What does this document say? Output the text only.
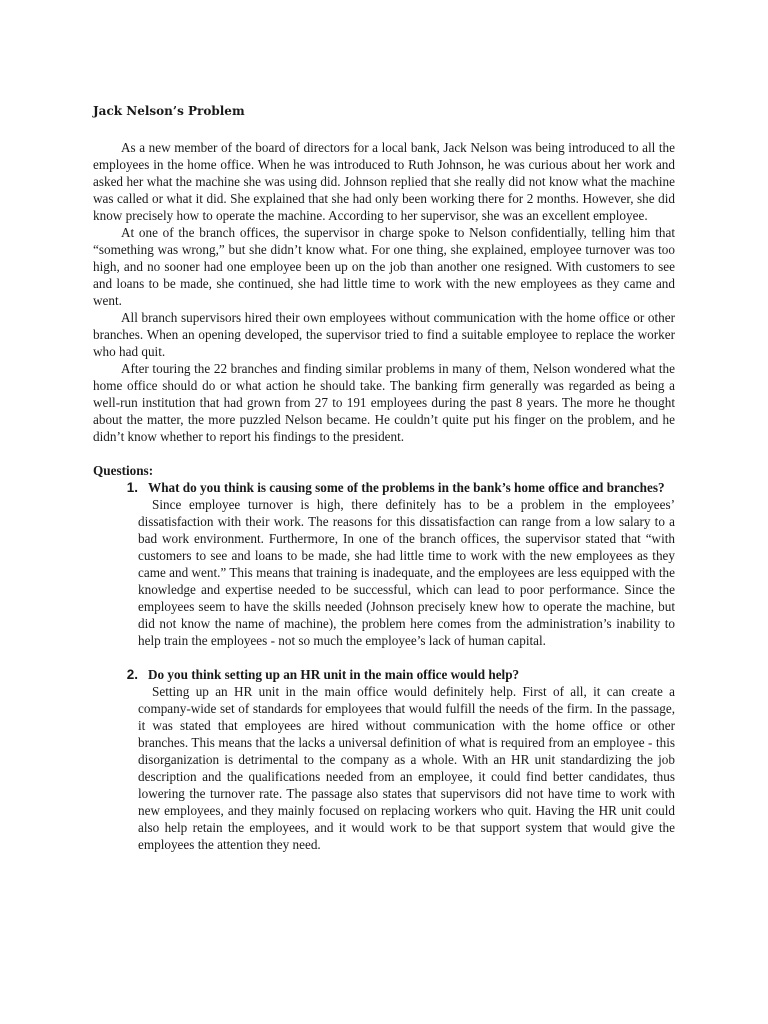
Jack Nelson’s Problem

As a new member of the board of directors for a local bank, Jack Nelson was being introduced to all the employees in the home office. When he was introduced to Ruth Johnson, he was curious about her work and asked her what the machine she was using did. Johnson replied that she really did not know what the machine was called or what it did. She explained that she had only been working there for 2 months. However, she did know precisely how to operate the machine. According to her supervisor, she was an excellent employee.

At one of the branch offices, the supervisor in charge spoke to Nelson confidentially, telling him that “something was wrong,” but she didn’t know what. For one thing, she explained, employee turnover was too high, and no sooner had one employee been up on the job than another one resigned. With customers to see and loans to be made, she continued, she had little time to work with the new employees as they came and went.

All branch supervisors hired their own employees without communication with the home office or other branches. When an opening developed, the supervisor tried to find a suitable employee to replace the worker who had quit.

After touring the 22 branches and finding similar problems in many of them, Nelson wondered what the home office should do or what action he should take. The banking firm generally was regarded as being a well-run institution that had grown from 27 to 191 employees during the past 8 years. The more he thought about the matter, the more puzzled Nelson became. He couldn’t quite put his finger on the problem, and he didn’t know whether to report his findings to the president.

Questions:
1. What do you think is causing some of the problems in the bank’s home office and branches?

Since employee turnover is high, there definitely has to be a problem in the employees’ dissatisfaction with their work. The reasons for this dissatisfaction can range from a low salary to a bad work environment. Furthermore, In one of the branch offices, the supervisor stated that “with customers to see and loans to be made, she had little time to work with the new employees as they came and went.” This means that training is inadequate, and the employees are less equipped with the knowledge and expertise needed to be successful, which can lead to poor performance. Since the employees seem to have the skills needed (Johnson precisely knew how to operate the machine, but did not know the name of machine), the problem here comes from the administration’s inability to help train the employees - not so much the employee’s lack of human capital.

2. Do you think setting up an HR unit in the main office would help?

Setting up an HR unit in the main office would definitely help. First of all, it can create a company-wide set of standards for employees that would fulfill the needs of the firm. In the passage, it was stated that employees are hired without communication with the home office or other branches. This means that the lacks a universal definition of what is required from an employee - this disorganization is detrimental to the company as a whole. With an HR unit standardizing the job description and the qualifications needed from an employee, it could find better candidates, thus lowering the turnover rate. The passage also states that supervisors did not have time to work with new employees, and they mainly focused on replacing workers who quit. Having the HR unit could also help retain the employees, and it would work to be that support system that would give the employees the attention they need.
